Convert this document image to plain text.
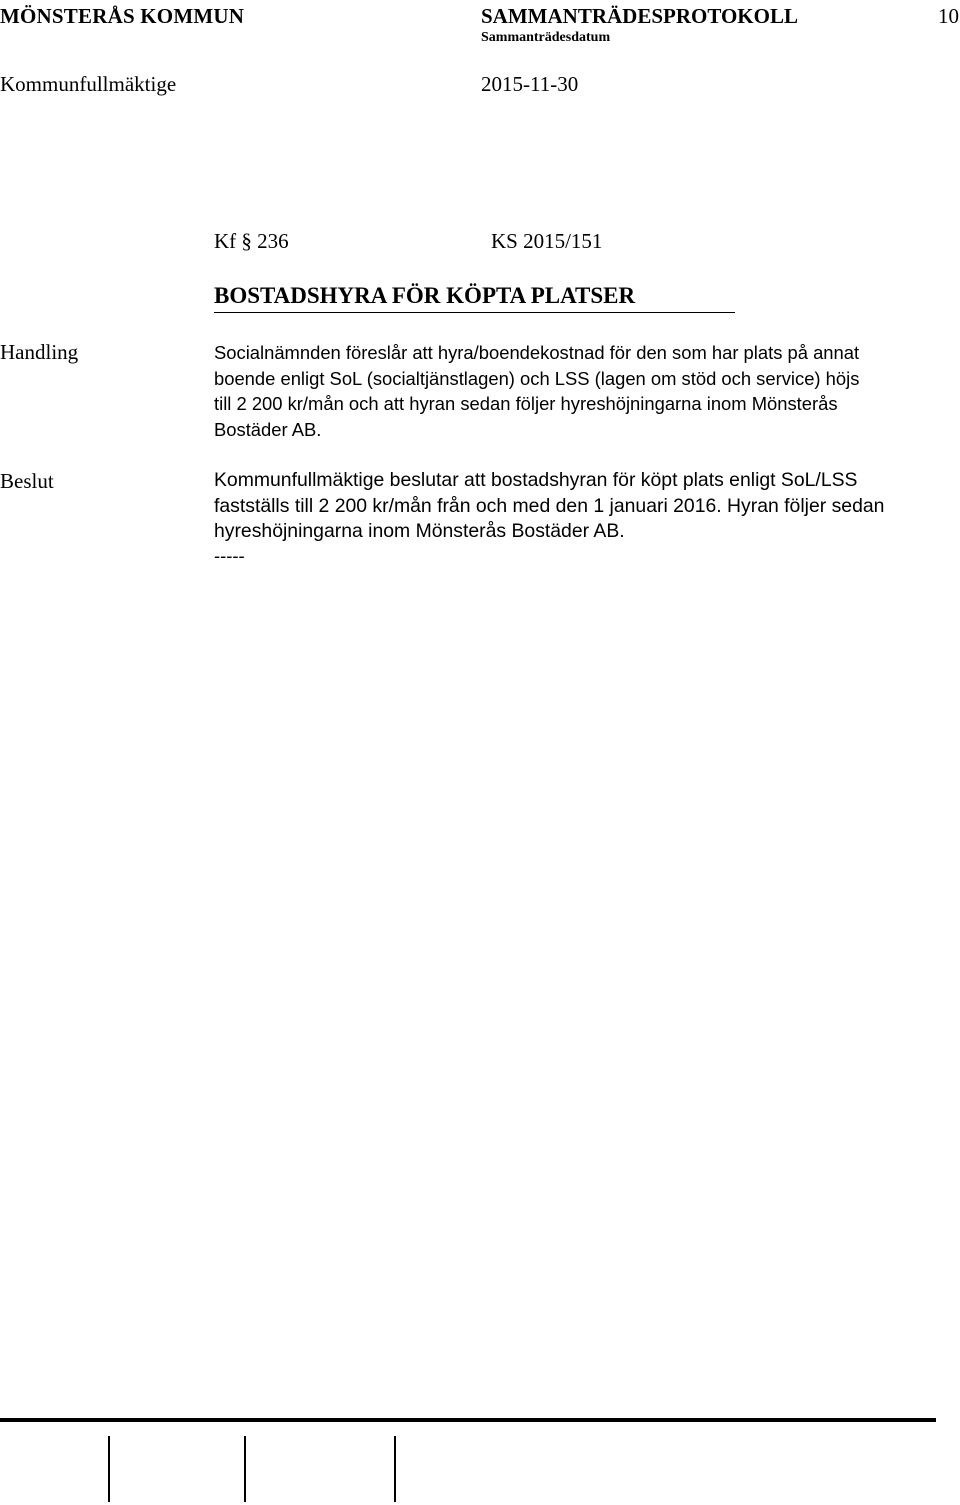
MÖNSTERÅS KOMMUN	SAMMANTRÄDESPROTOKOLL	10
Sammanträdesdatum
Kommunfullmäktige	2015-11-30
Kf § 236	KS 2015/151
BOSTADSHYRA FÖR KÖPTA PLATSER
Handling	Socialnämnden föreslår att hyra/boendekostnad för den som har plats på annat
boende enligt SoL (socialtjänstlagen) och LSS (lagen om stöd och service) höjs
till 2 200 kr/mån och att hyran sedan följer hyreshöjningarna inom Mönsterås
Bostäder AB.
Beslut	Kommunfullmäktige beslutar att bostadshyran för köpt plats enligt SoL/LSS
fastställs till 2 200 kr/mån från och med den 1 januari 2016. Hyran följer sedan
hyreshöjningarna inom Mönsterås Bostäder AB.
-----
